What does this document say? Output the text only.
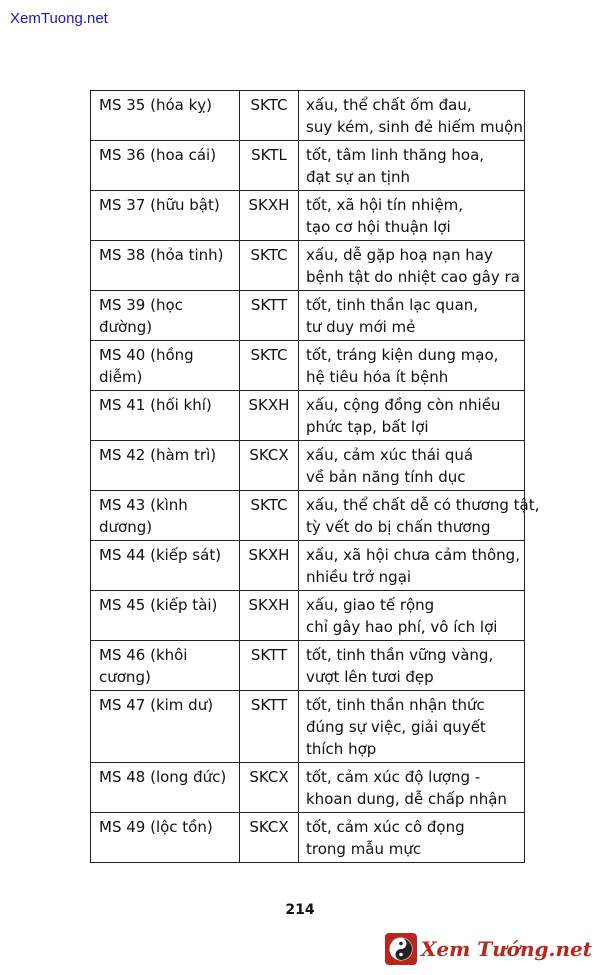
XemTuong.net
MS 35 (hóa kỵ)	SKTC	xấu, thể chất ốm đau,
suy kém, sinh đẻ hiếm muộn

MS 36 (hoa cái)	SKTL	tốt, tâm linh thăng hoa,
đạt sự an tịnh

MS 37 (hữu bật)	SKXH	tốt, xã hội tín nhiệm,
tạo cơ hội thuận lợi

MS 38 (hỏa tinh)	SKTC	xấu, dễ gặp hoạ nạn hay
bệnh tật do nhiệt cao gây ra

MS 39 (học đường)	SKTT	tốt, tinh thần lạc quan,
tư duy mới mẻ

MS 40 (hồng diễm)	SKTC	tốt, tráng kiện dung mạo,
hệ tiêu hóa ít bệnh

MS 41 (hối khí)	SKXH	xấu, cộng đồng còn nhiều
phức tạp, bất lợi

MS 42 (hàm trì)	SKCX	xấu, cảm xúc thái quá
về bản năng tính dục

MS 43 (kình dương)	SKTC	xấu, thể chất dễ có thương tật,
tỳ vết do bị chấn thương

MS 44 (kiếp sát)	SKXH	xấu, xã hội chưa cảm thông,
nhiều trở ngại

MS 45 (kiếp tài)	SKXH	xấu, giao tế rộng
chỉ gây hao phí, vô ích lợi

MS 46 (khôi cương)	SKTT	tốt, tinh thần vững vàng,
vượt lên tươi đẹp

MS 47 (kim dư)	SKTT	tốt, tinh thần nhận thức
đúng sự việc, giải quyết
thích hợp

MS 48 (long đức)	SKCX	tốt, cảm xúc độ lượng -
khoan dung, dễ chấp nhận

MS 49 (lộc tồn)	SKCX	tốt, cảm xúc cô đọng
trong mẫu mực
214
Xem Tướng.net
